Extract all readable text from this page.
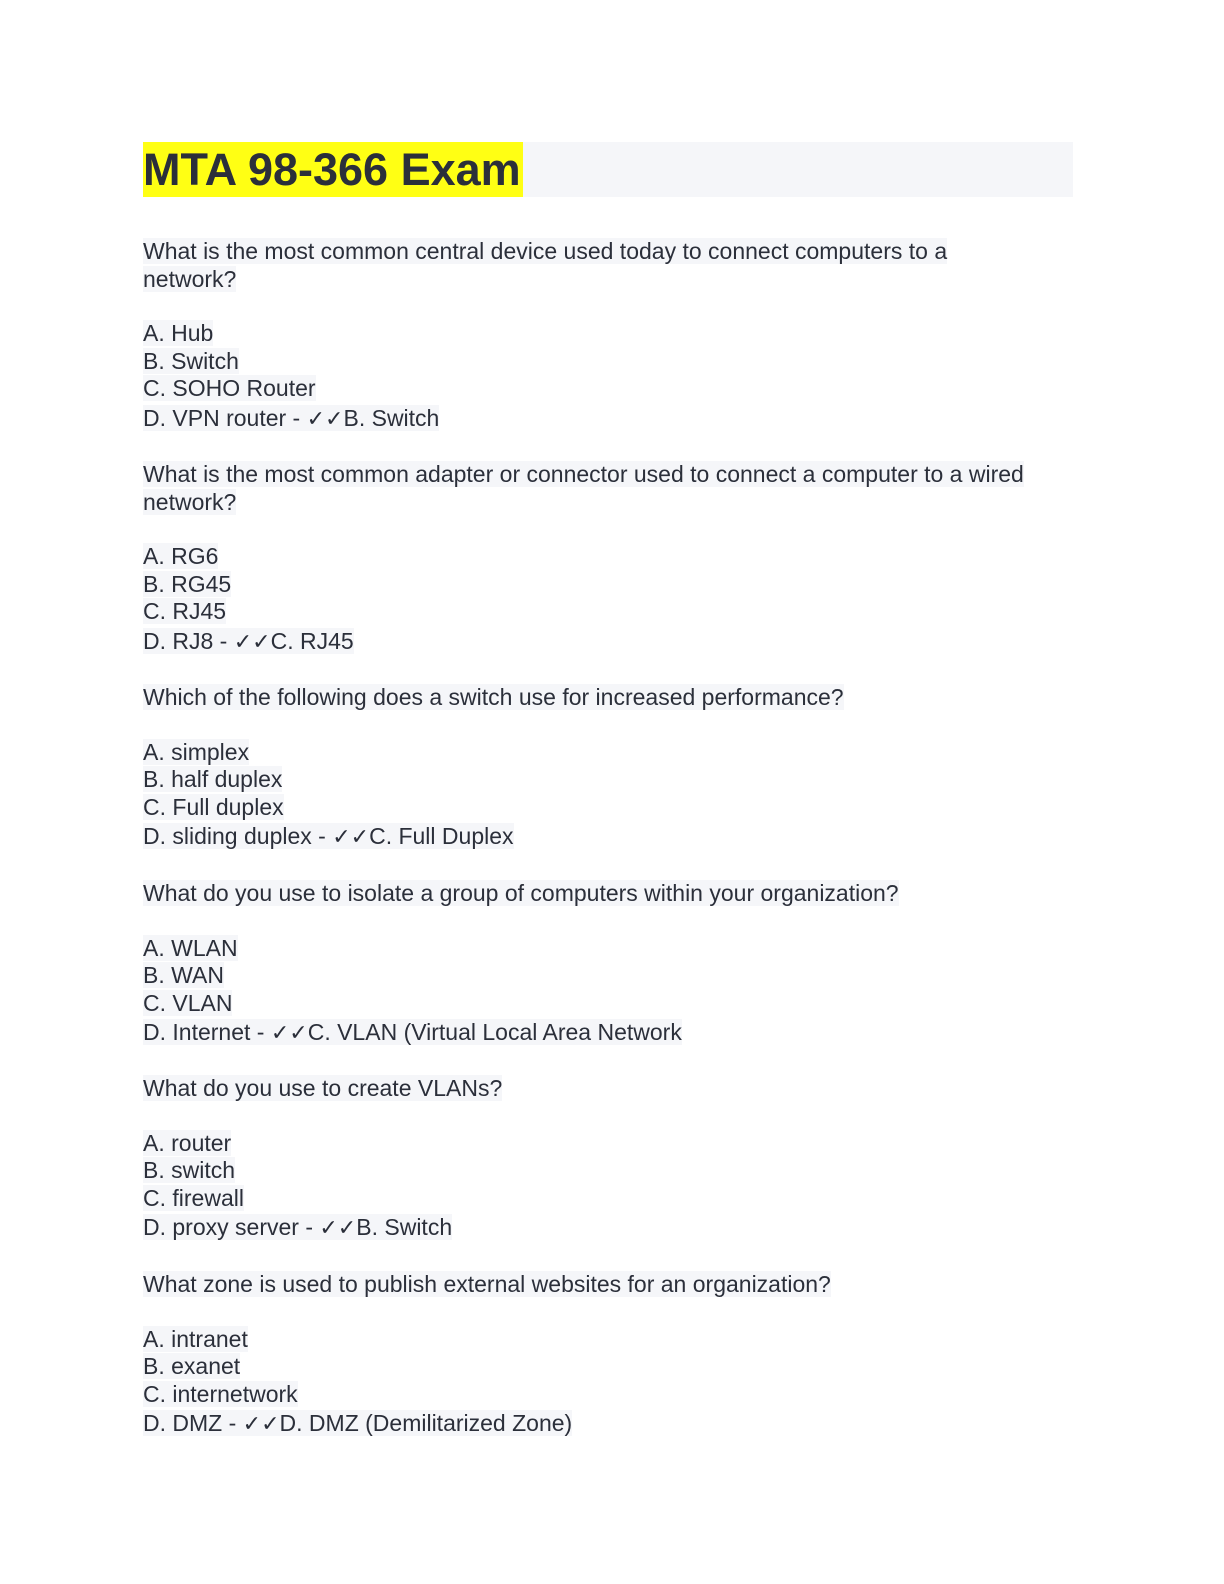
MTA 98-366 Exam
What is the most common central device used today to connect computers to a
network?
A. Hub
B. Switch
C. SOHO Router
D. VPN router - ✓✓B. Switch
What is the most common adapter or connector used to connect a computer to a wired
network?
A. RG6
B. RG45
C. RJ45
D. RJ8 - ✓✓C. RJ45
Which of the following does a switch use for increased performance?
A. simplex
B. half duplex
C. Full duplex
D. sliding duplex - ✓✓C. Full Duplex
What do you use to isolate a group of computers within your organization?
A. WLAN
B. WAN
C. VLAN
D. Internet - ✓✓C. VLAN (Virtual Local Area Network
What do you use to create VLANs?
A. router
B. switch
C. firewall
D. proxy server - ✓✓B. Switch
What zone is used to publish external websites for an organization?
A. intranet
B. exanet
C. internetwork
D. DMZ - ✓✓D. DMZ (Demilitarized Zone)
